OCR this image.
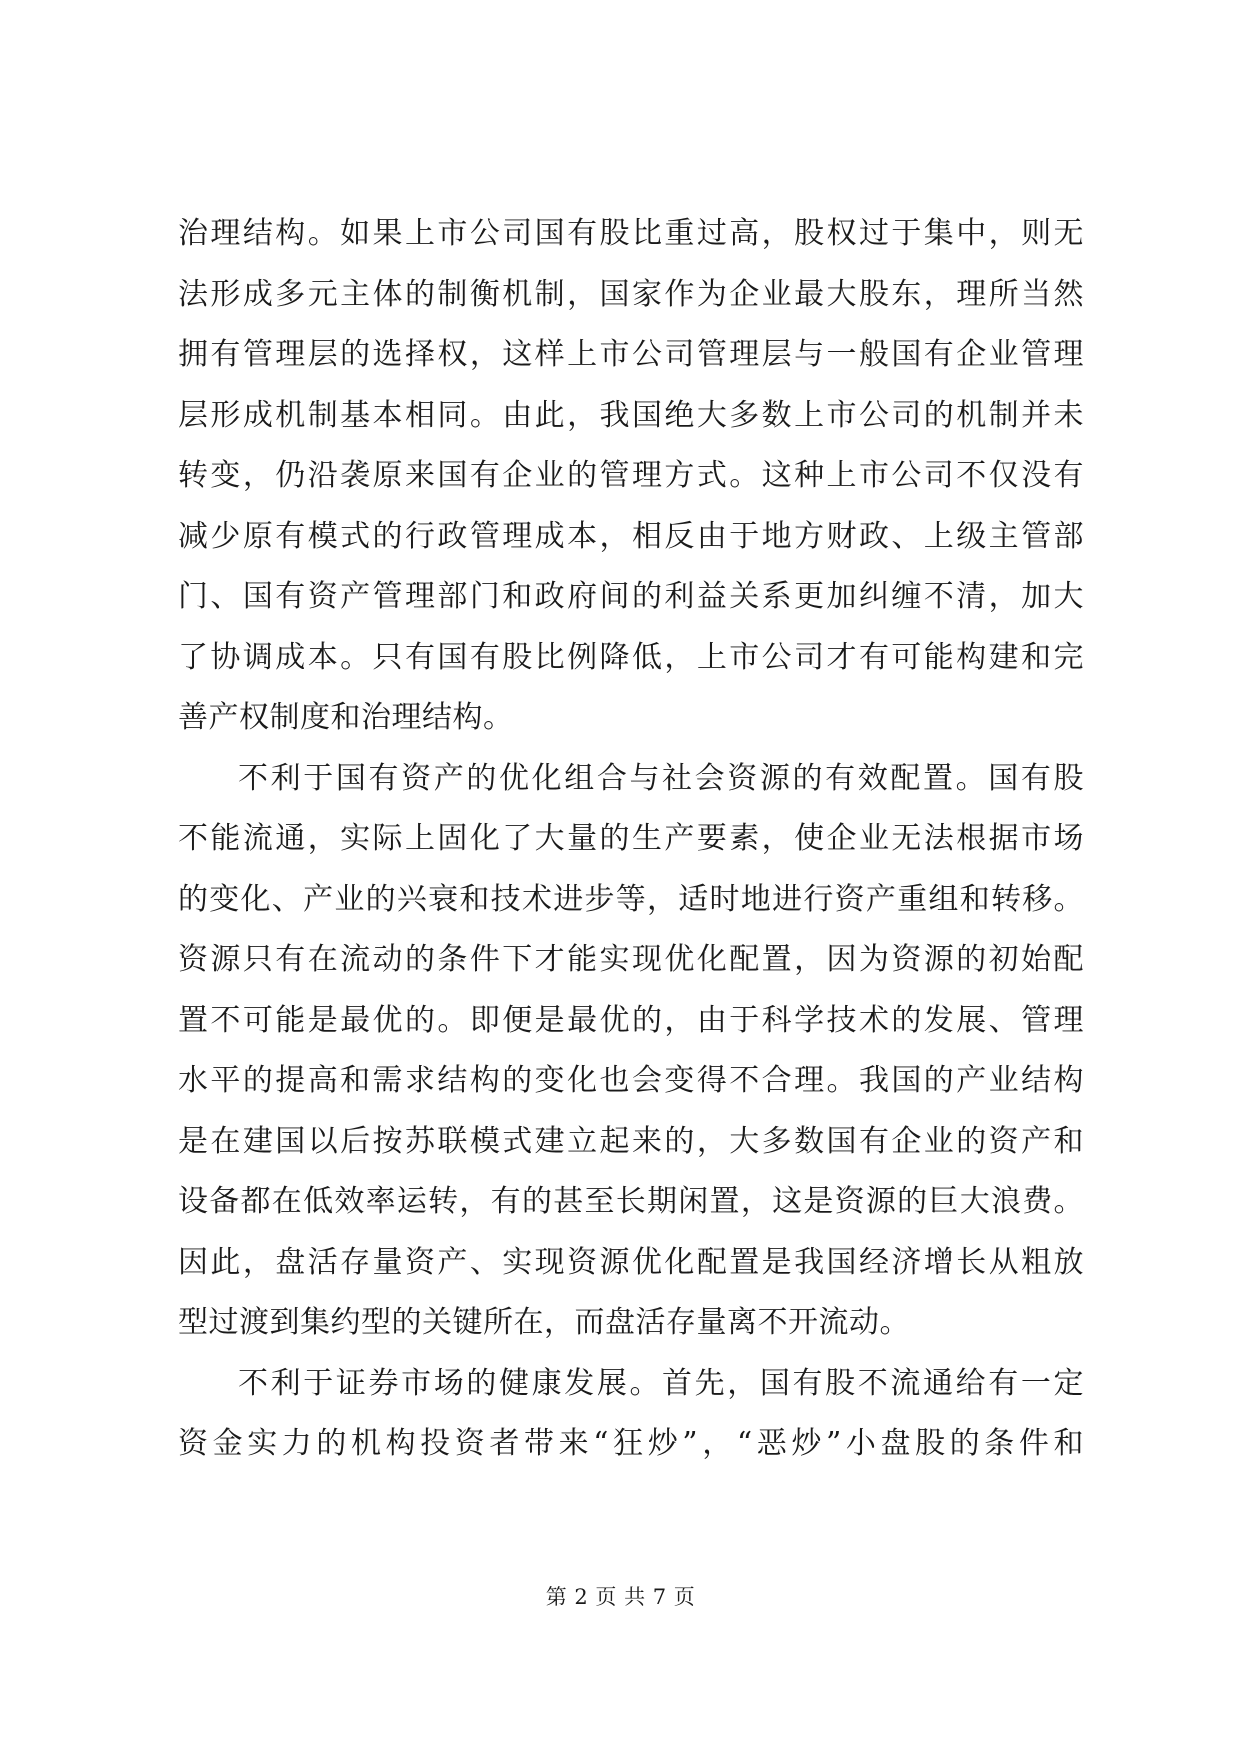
治理结构。如果上市公司国有股比重过高，股权过于集中，则无
法形成多元主体的制衡机制，国家作为企业最大股东，理所当然
拥有管理层的选择权，这样上市公司管理层与一般国有企业管理
层形成机制基本相同。由此，我国绝大多数上市公司的机制并未
转变，仍沿袭原来国有企业的管理方式。这种上市公司不仅没有
减少原有模式的行政管理成本，相反由于地方财政、上级主管部
门、国有资产管理部门和政府间的利益关系更加纠缠不清，加大
了协调成本。只有国有股比例降低，上市公司才有可能构建和完
善产权制度和治理结构。
不利于国有资产的优化组合与社会资源的有效配置。国有股
不能流通，实际上固化了大量的生产要素，使企业无法根据市场
的变化、产业的兴衰和技术进步等，适时地进行资产重组和转移。
资源只有在流动的条件下才能实现优化配置，因为资源的初始配
置不可能是最优的。即便是最优的，由于科学技术的发展、管理
水平的提高和需求结构的变化也会变得不合理。我国的产业结构
是在建国以后按苏联模式建立起来的，大多数国有企业的资产和
设备都在低效率运转，有的甚至长期闲置，这是资源的巨大浪费。
因此，盘活存量资产、实现资源优化配置是我国经济增长从粗放
型过渡到集约型的关键所在，而盘活存量离不开流动。
不利于证券市场的健康发展。首先，国有股不流通给有一定
资金实力的机构投资者带来“狂炒”，“恶炒”小盘股的条件和
第 2 页 共 7 页
